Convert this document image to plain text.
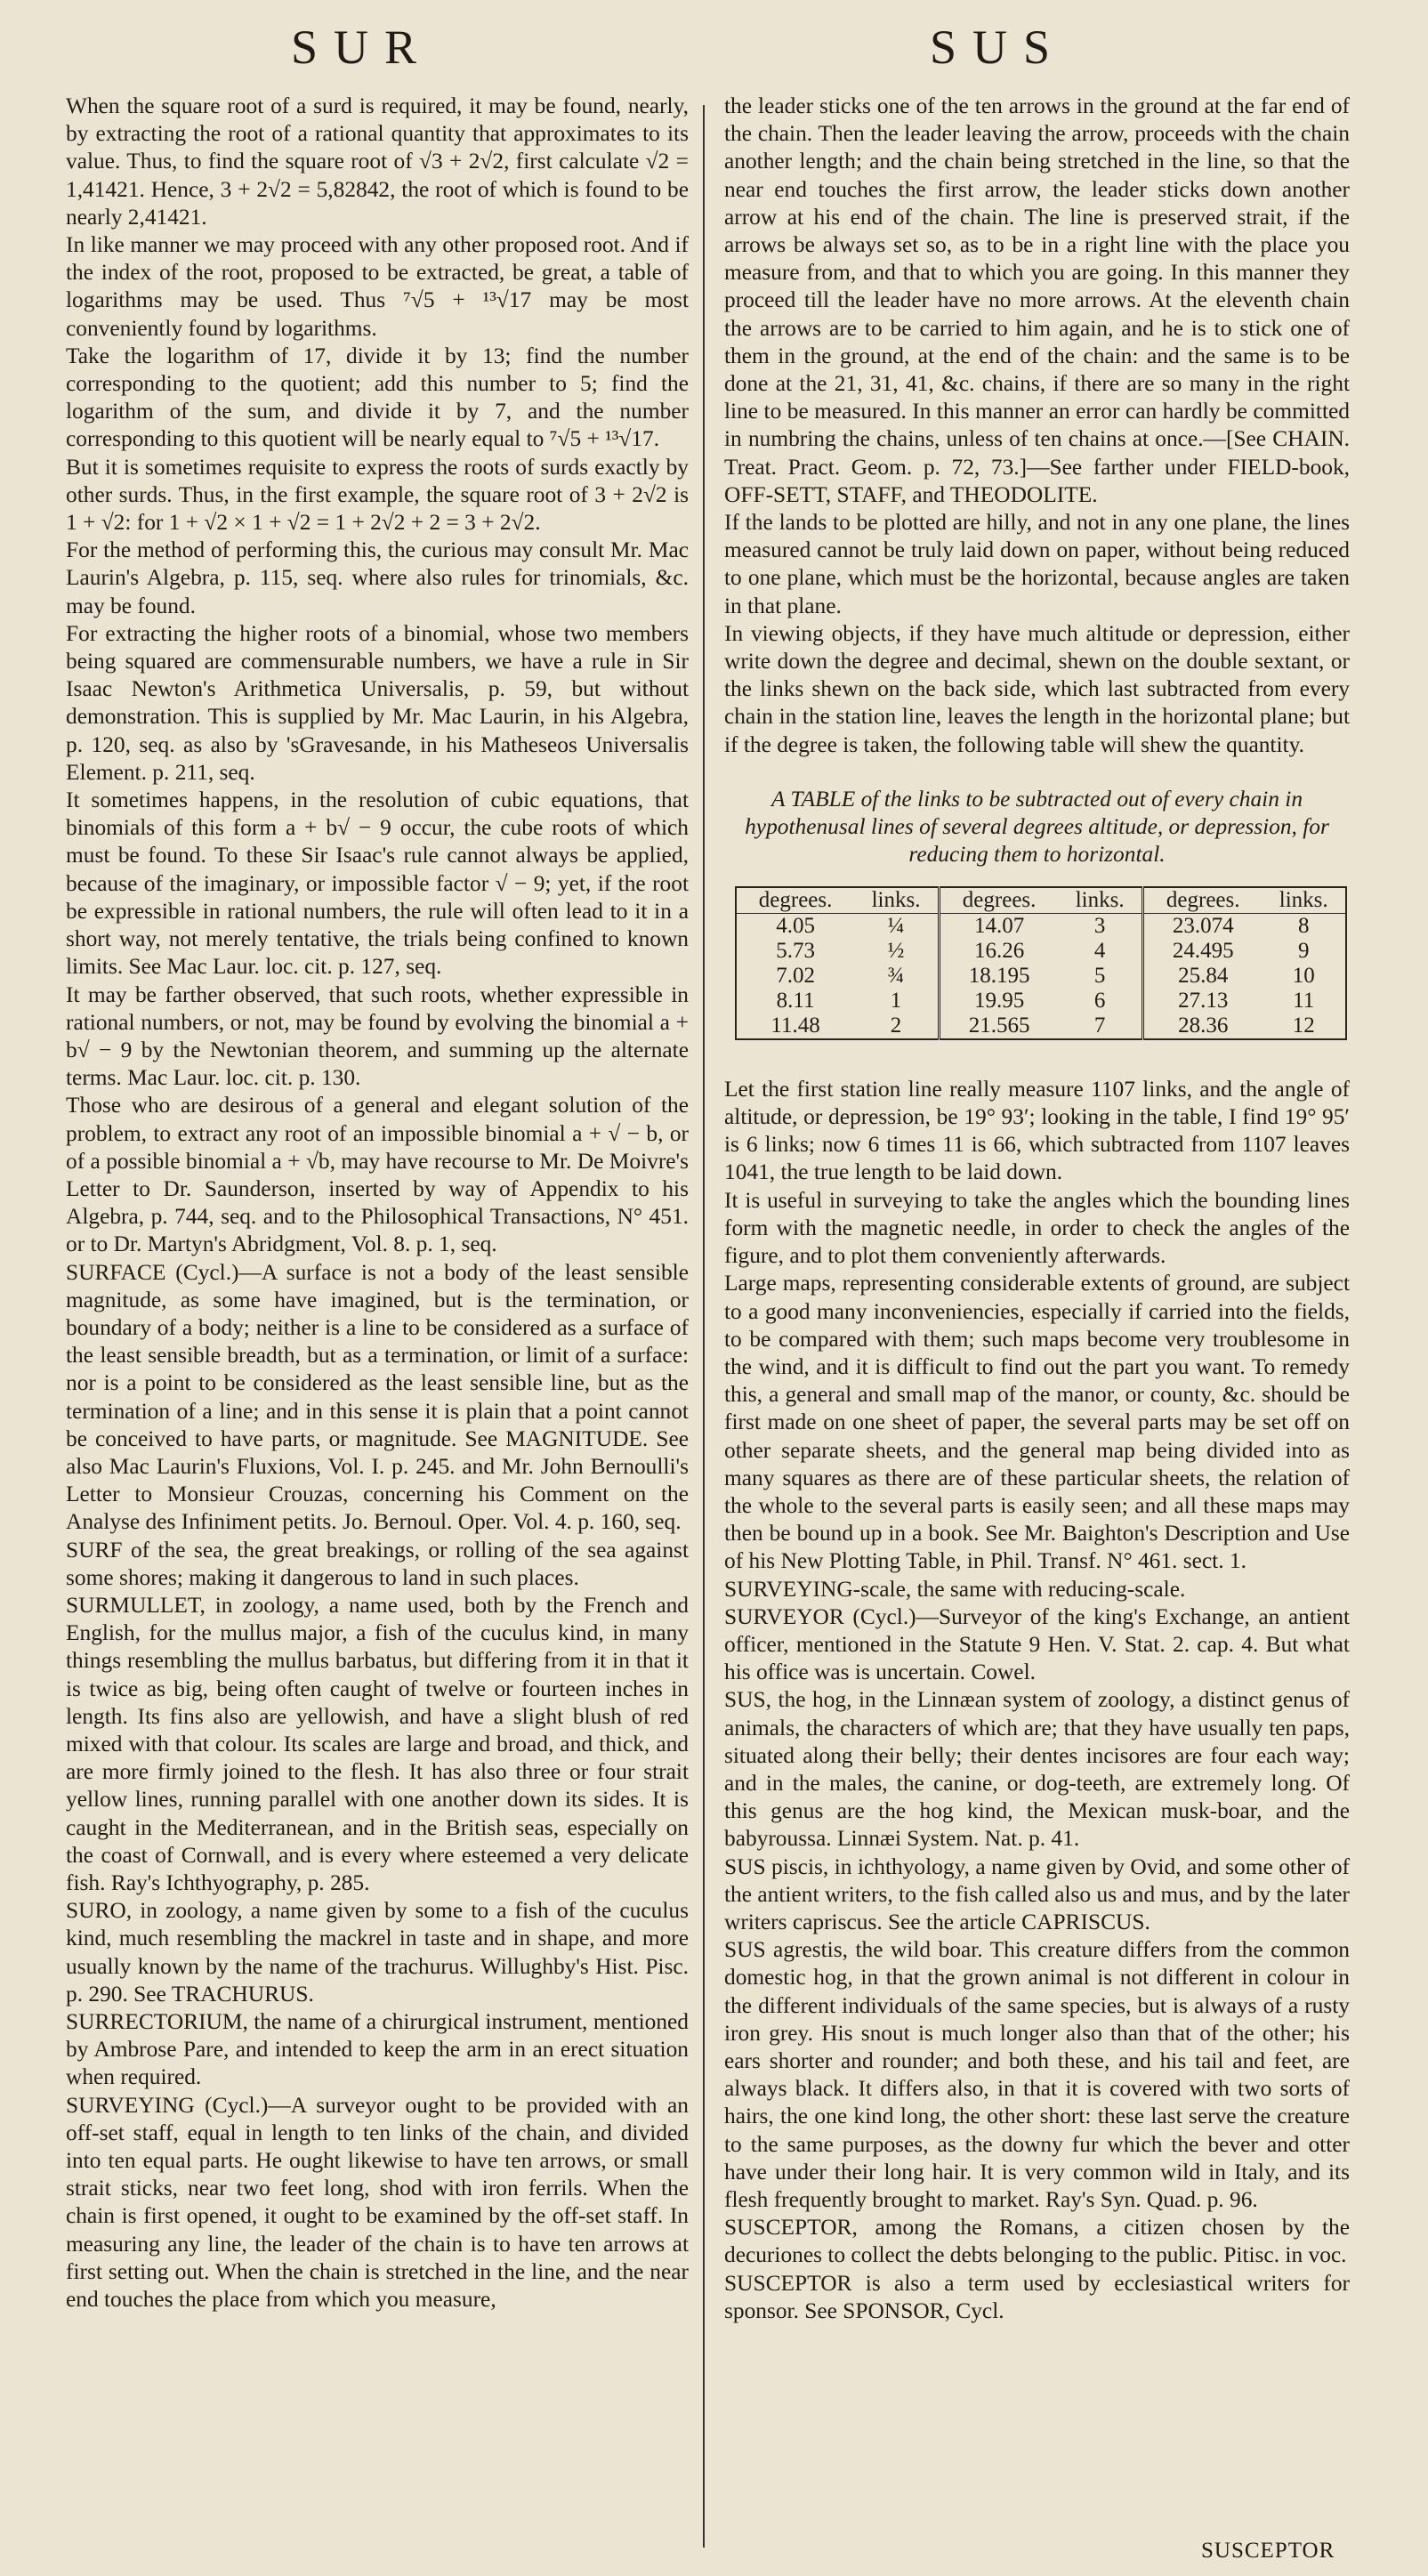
SUR	SUS

When the square root of a surd is required, it may be found, nearly, by extracting the root of a rational quantity that approximates to its value. Thus, to find the square root of √3 + 2√2, first calculate √2 = 1,41421. Hence, 3 + 2√2 = 5,82842, the root of which is found to be nearly 2,41421.

In like manner we may proceed with any other proposed root. And if the index of the root, proposed to be extracted, be great, a table of logarithms may be used. Thus ⁷√5 + ¹³√17 may be most conveniently found by logarithms.

Take the logarithm of 17, divide it by 13; find the number corresponding to the quotient; add this number to 5; find the logarithm of the sum, and divide it by 7, and the number corresponding to this quotient will be nearly equal to ⁷√5 + ¹³√17.

But it is sometimes requisite to express the roots of surds exactly by other surds. Thus, in the first example, the square root of 3 + 2√2 is 1 + √2: for 1 + √2 × 1 + √2 = 1 + 2√2 + 2 = 3 + 2√2.

For the method of performing this, the curious may consult Mr. Mac Laurin's Algebra, p. 115, seq. where also rules for trinomials, &c. may be found.

For extracting the higher roots of a binomial, whose two members being squared are commensurable numbers, we have a rule in Sir Isaac Newton's Arithmetica Universalis, p. 59, but without demonstration. This is supplied by Mr. Mac Laurin, in his Algebra, p. 120, seq. as also by 'sGravesande, in his Matheseos Universalis Element. p. 211, seq.

It sometimes happens, in the resolution of cubic equations, that binomials of this form a + b√ − 9 occur, the cube roots of which must be found. To these Sir Isaac's rule cannot always be applied, because of the imaginary, or impossible factor √ − 9; yet, if the root be expressible in rational numbers, the rule will often lead to it in a short way, not merely tentative, the trials being confined to known limits. See Mac Laur. loc. cit. p. 127, seq.

It may be farther observed, that such roots, whether expressible in rational numbers, or not, may be found by evolving the binomial a + b√ − 9 by the Newtonian theorem, and summing up the alternate terms. Mac Laur. loc. cit. p. 130.

Those who are desirous of a general and elegant solution of the problem, to extract any root of an impossible binomial a + √ − b, or of a possible binomial a + √b, may have recourse to Mr. De Moivre's Letter to Dr. Saunderson, inserted by way of Appendix to his Algebra, p. 744, seq. and to the Philosophical Transactions, N° 451. or to Dr. Martyn's Abridgment, Vol. 8. p. 1, seq.

SURFACE (Cycl.)—A surface is not a body of the least sensible magnitude, as some have imagined, but is the termination, or boundary of a body; neither is a line to be considered as a surface of the least sensible breadth, but as a termination, or limit of a surface: nor is a point to be considered as the least sensible line, but as the termination of a line; and in this sense it is plain that a point cannot be conceived to have parts, or magnitude. See MAGNITUDE. See also Mac Laurin's Fluxions, Vol. I. p. 245. and Mr. John Bernoulli's Letter to Monsieur Crouzas, concerning his Comment on the Analyse des Infiniment petits. Jo. Bernoul. Oper. Vol. 4. p. 160, seq.

SURF of the sea, the great breakings, or rolling of the sea against some shores; making it dangerous to land in such places.

SURMULLET, in zoology, a name used, both by the French and English, for the mullus major, a fish of the cuculus kind, in many things resembling the mullus barbatus, but differing from it in that it is twice as big, being often caught of twelve or fourteen inches in length. Its fins also are yellowish, and have a slight blush of red mixed with that colour. Its scales are large and broad, and thick, and are more firmly joined to the flesh. It has also three or four strait yellow lines, running parallel with one another down its sides. It is caught in the Mediterranean, and in the British seas, especially on the coast of Cornwall, and is every where esteemed a very delicate fish. Ray's Ichthyography, p. 285.

SURO, in zoology, a name given by some to a fish of the cuculus kind, much resembling the mackrel in taste and in shape, and more usually known by the name of the trachurus. Willughby's Hist. Pisc. p. 290. See TRACHURUS.

SURRECTORIUM, the name of a chirurgical instrument, mentioned by Ambrose Pare, and intended to keep the arm in an erect situation when required.

SURVEYING (Cycl.)—A surveyor ought to be provided with an off-set staff, equal in length to ten links of the chain, and divided into ten equal parts. He ought likewise to have ten arrows, or small strait sticks, near two feet long, shod with iron ferrils. When the chain is first opened, it ought to be examined by the off-set staff. In measuring any line, the leader of the chain is to have ten arrows at first setting out. When the chain is stretched in the line, and the near end touches the place from which you measure,

the leader sticks one of the ten arrows in the ground at the far end of the chain. Then the leader leaving the arrow, proceeds with the chain another length; and the chain being stretched in the line, so that the near end touches the first arrow, the leader sticks down another arrow at his end of the chain. The line is preserved strait, if the arrows be always set so, as to be in a right line with the place you measure from, and that to which you are going. In this manner they proceed till the leader have no more arrows. At the eleventh chain the arrows are to be carried to him again, and he is to stick one of them in the ground, at the end of the chain: and the same is to be done at the 21, 31, 41, &c. chains, if there are so many in the right line to be measured. In this manner an error can hardly be committed in numbring the chains, unless of ten chains at once.—[See CHAIN. Treat. Pract. Geom. p. 72, 73.]—See farther under FIELD-book, OFF-SETT, STAFF, and THEODOLITE.

If the lands to be plotted are hilly, and not in any one plane, the lines measured cannot be truly laid down on paper, without being reduced to one plane, which must be the horizontal, because angles are taken in that plane.

In viewing objects, if they have much altitude or depression, either write down the degree and decimal, shewn on the double sextant, or the links shewn on the back side, which last subtracted from every chain in the station line, leaves the length in the horizontal plane; but if the degree is taken, the following table will shew the quantity.

A TABLE of the links to be subtracted out of every chain in hypothenusal lines of several degrees altitude, or depression, for reducing them to horizontal.

degrees.	links.	degrees.	links.	degrees.	links.
4.05	¼	14.07	3	23.074	8
5.73	½	16.26	4	24.495	9
7.02	¾	18.195	5	25.84	10
8.11	1	19.95	6	27.13	11
11.48	2	21.565	7	28.36	12

Let the first station line really measure 1107 links, and the angle of altitude, or depression, be 19° 93′; looking in the table, I find 19° 95′ is 6 links; now 6 times 11 is 66, which subtracted from 1107 leaves 1041, the true length to be laid down.

It is useful in surveying to take the angles which the bounding lines form with the magnetic needle, in order to check the angles of the figure, and to plot them conveniently afterwards.

Large maps, representing considerable extents of ground, are subject to a good many inconveniencies, especially if carried into the fields, to be compared with them; such maps become very troublesome in the wind, and it is difficult to find out the part you want. To remedy this, a general and small map of the manor, or county, &c. should be first made on one sheet of paper, the several parts may be set off on other separate sheets, and the general map being divided into as many squares as there are of these particular sheets, the relation of the whole to the several parts is easily seen; and all these maps may then be bound up in a book. See Mr. Baighton's Description and Use of his New Plotting Table, in Phil. Transf. N° 461. sect. 1.

SURVEYING-scale, the same with reducing-scale.

SURVEYOR (Cycl.)—Surveyor of the king's Exchange, an antient officer, mentioned in the Statute 9 Hen. V. Stat. 2. cap. 4. But what his office was is uncertain. Cowel.

SUS, the hog, in the Linnæan system of zoology, a distinct genus of animals, the characters of which are; that they have usually ten paps, situated along their belly; their dentes incisores are four each way; and in the males, the canine, or dog-teeth, are extremely long. Of this genus are the hog kind, the Mexican musk-boar, and the babyroussa. Linnæi System. Nat. p. 41.

SUS piscis, in ichthyology, a name given by Ovid, and some other of the antient writers, to the fish called also us and mus, and by the later writers capriscus. See the article CAPRISCUS.

SUS agrestis, the wild boar. This creature differs from the common domestic hog, in that the grown animal is not different in colour in the different individuals of the same species, but is always of a rusty iron grey. His snout is much longer also than that of the other; his ears shorter and rounder; and both these, and his tail and feet, are always black. It differs also, in that it is covered with two sorts of hairs, the one kind long, the other short: these last serve the creature to the same purposes, as the downy fur which the bever and otter have under their long hair. It is very common wild in Italy, and its flesh frequently brought to market. Ray's Syn. Quad. p. 96.

SUSCEPTOR, among the Romans, a citizen chosen by the decuriones to collect the debts belonging to the public. Pitisc. in voc.

SUSCEPTOR is also a term used by ecclesiastical writers for sponsor. See SPONSOR, Cycl.

SUSCEPTOR
